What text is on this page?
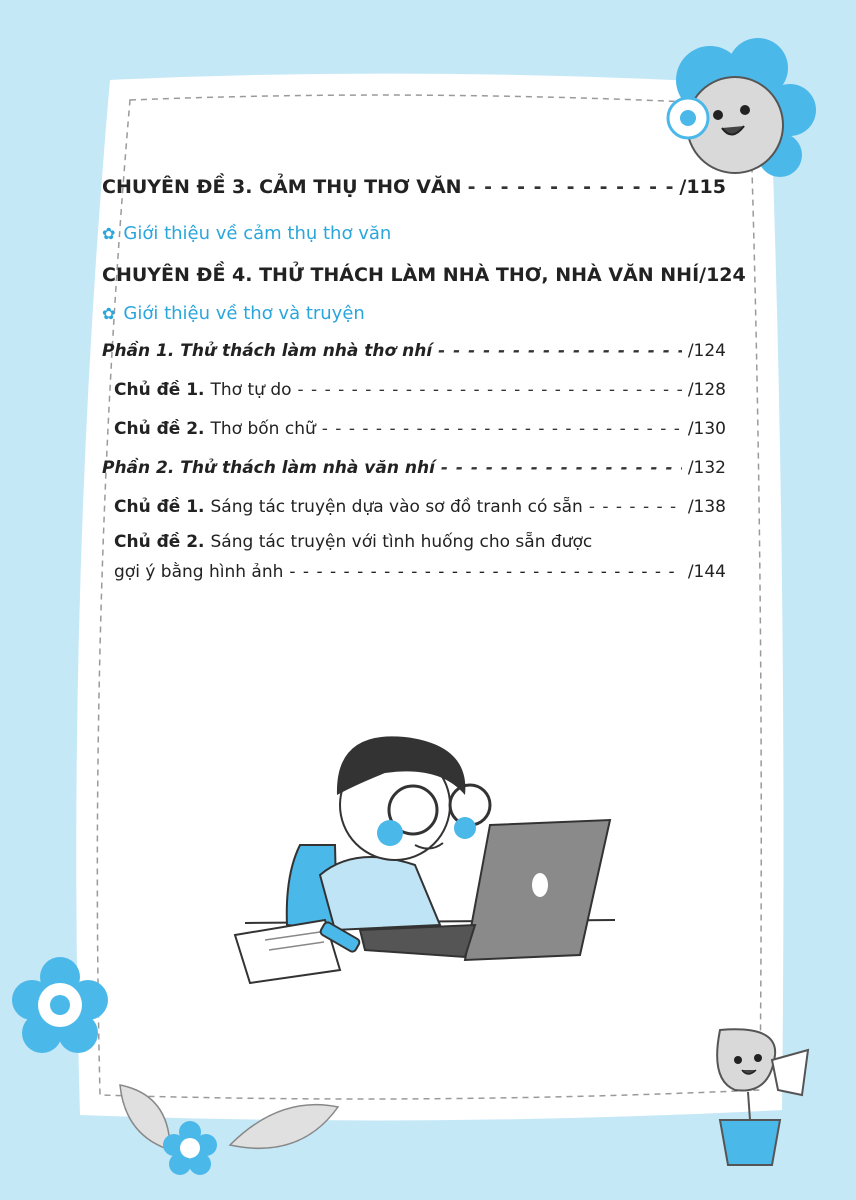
CHUYÊN ĐỀ 3. CẢM THỤ THƠ VĂN - - -	/115
✿ Giới thiệu về cảm thụ thơ văn
CHUYÊN ĐỀ 4. THỬ THÁCH LÀM NHÀ THƠ, NHÀ VĂN NHÍ /124
✿ Giới thiệu về thơ và truyện
Phần 1. Thử thách làm nhà thơ nhí - - -	/124
Chủ đề 1. Thơ tự do - - -	/128
Chủ đề 2. Thơ bốn chữ - - -	/130
Phần 2. Thử thách làm nhà văn nhí - - -	/132
Chủ đề 1. Sáng tác truyện dựa vào sơ đồ tranh có sẵn - - -	/138
Chủ đề 2. Sáng tác truyện với tình huống cho sẵn được
gợi ý bằng hình ảnh - - -	/144
